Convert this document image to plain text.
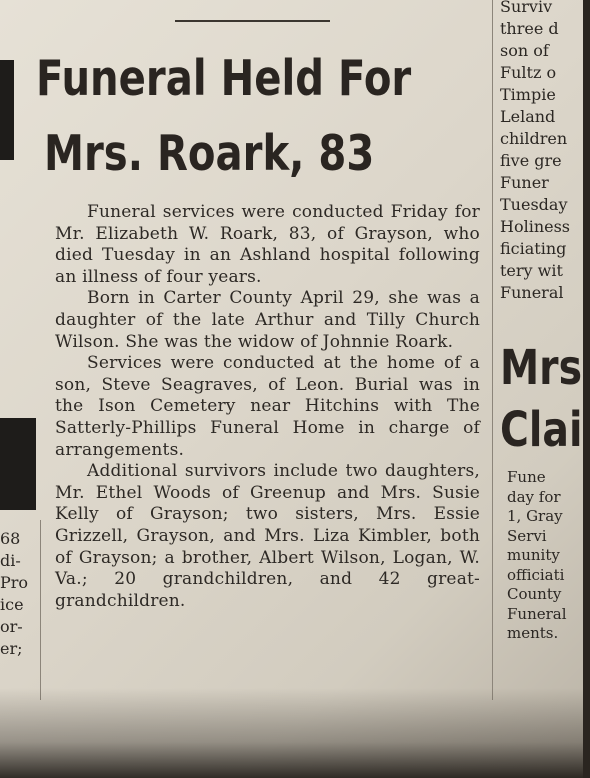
Funeral Held For
Mrs. Roark, 83

Funeral services were conducted Friday for Mr. Elizabeth W. Roark, 83, of Grayson, who died Tuesday in an Ashland hospital following an illness of four years.

Born in Carter County April 29, she was a daughter of the late Arthur and Tilly Church Wilson. She was the widow of Johnnie Roark.

Services were conducted at the home of a son, Steve Seagraves, of Leon. Burial was in the Ison Cemetery near Hitchins with The Satterly-Phillips Funeral Home in charge of arrangements.

Additional survivors include two daughters, Mr. Ethel Woods of Greenup and Mrs. Susie Kelly of Grayson; two sisters, Mrs. Essie Grizzell, Grayson, and Mrs. Liza Kimbler, both of Grayson; a brother, Albert Wilson, Logan, W. Va.; 20 grandchildren, and 42 great-grandchildren.

Surviv
three d
son of
Fultz o
Timpie
Leland
children
five gre
Funer
Tuesday
Holiness
ficiating
tery wit
Funeral
Mrs
Clai
Fune
day for
1, Gray
Servi
munity
officiati
County
Funeral
ments.
68
di-
Pro
ice
or-
er;
